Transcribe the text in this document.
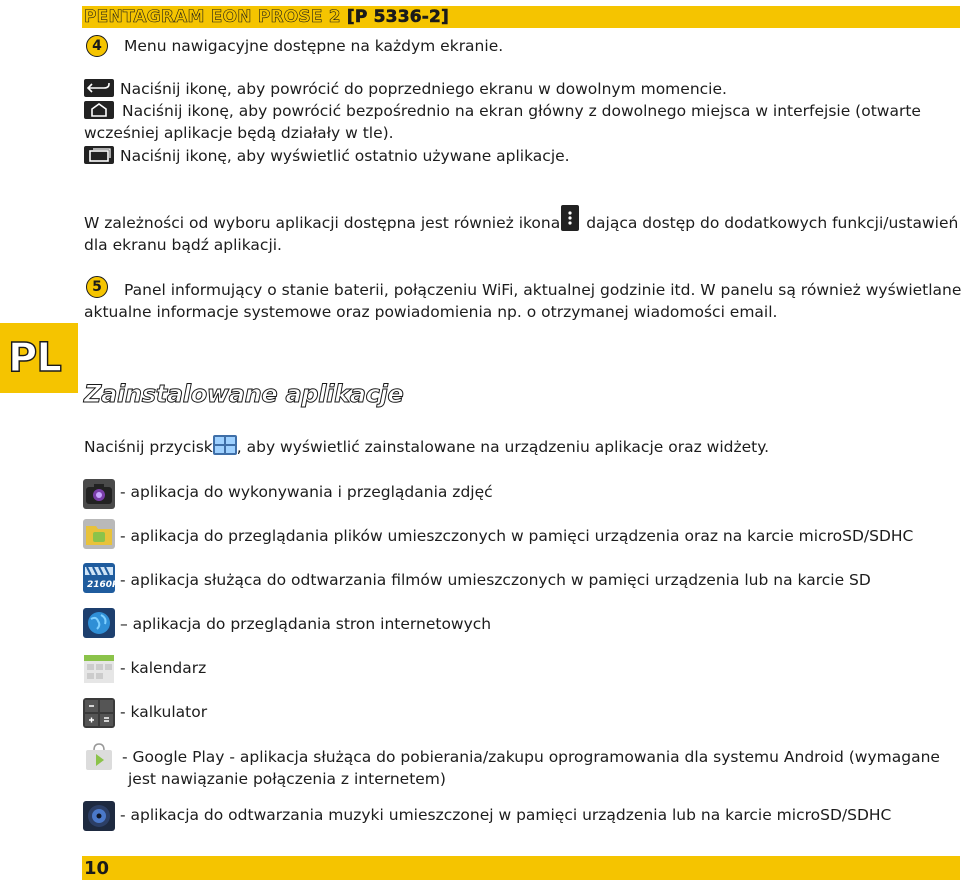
PENTAGRAM EON PROSE 2 [P 5336-2]
PL
4	Menu nawigacyjne dostępne na każdym ekranie.
Naciśnij ikonę, aby powrócić do poprzedniego ekranu w dowolnym momencie.
Naciśnij ikonę, aby powrócić bezpośrednio na ekran główny z dowolnego miejsca w interfejsie (otwarte
wcześniej aplikacje będą działały w tle).
Naciśnij ikonę, aby wyświetlić ostatnio używane aplikacje.
W zależności od wyboru aplikacji dostępna jest również ikona dająca dostęp do dodatkowych funkcji/ustawień
dla ekranu bądź aplikacji.
5	Panel informujący o stanie baterii, połączeniu WiFi, aktualnej godzinie itd. W panelu są również wyświetlane
aktualne informacje systemowe oraz powiadomienia np. o otrzymanej wiadomości email.
Zainstalowane aplikacje
Naciśnij przycisk , aby wyświetlić zainstalowane na urządzeniu aplikacje oraz widżety.
- aplikacja do wykonywania i przeglądania zdjęć
- aplikacja do przeglądania plików umieszczonych w pamięci urządzenia oraz na karcie microSD/SDHC
2160P - aplikacja służąca do odtwarzania filmów umieszczonych w pamięci urządzenia lub na karcie SD
– aplikacja do przeglądania stron internetowych
- kalendarz
- kalkulator
- Google Play - aplikacja służąca do pobierania/zakupu oprogramowania dla systemu Android (wymagane
jest nawiązanie połączenia z internetem)
- aplikacja do odtwarzania muzyki umieszczonej w pamięci urządzenia lub na karcie microSD/SDHC
10
